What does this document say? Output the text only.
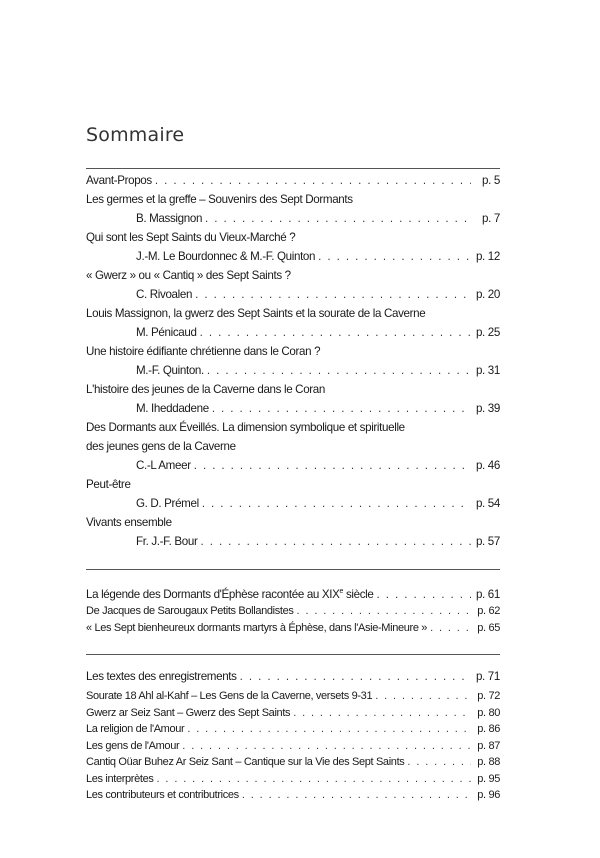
Sommaire
Avant-Propos . . .	p. 5
Les germes et la greffe – Souvenirs des Sept Dormants
B. Massignon . . .	p. 7
Qui sont les Sept Saints du Vieux-Marché ?
J.-M. Le Bourdonnec & M.-F. Quinton . . .	p. 12
« Gwerz » ou « Cantiq » des Sept Saints ?
C. Rivoalen . . .	p. 20
Louis Massignon, la gwerz des Sept Saints et la sourate de la Caverne
M. Pénicaud . . .	p. 25
Une histoire édifiante chrétienne dans le Coran ?
M.-F. Quinton. . . .	p. 31
L'histoire des jeunes de la Caverne dans le Coran
M. Iheddadene . . .	p. 39
Des Dormants aux Éveillés. La dimension symbolique et spirituelle
des jeunes gens de la Caverne
C.-L Ameer . . .	p. 46
Peut-être
G. D. Prémel . . .	p. 54
Vivants ensemble
Fr. J.-F. Bour . . .	p. 57
La légende des Dormants d'Éphèse racontée au XIXe siècle . . .	p. 61
De Jacques de Sarougaux Petits Bollandistes . . .	p. 62
« Les Sept bienheureux dormants martyrs à Éphèse, dans l'Asie-Mineure » . . .	p. 65
Les textes des enregistrements . . .	p. 71
Sourate 18 Ahl al-Kahf – Les Gens de la Caverne, versets 9-31 . . .	p. 72
Gwerz ar Seiz Sant – Gwerz des Sept Saints . . .	p. 80
La religion de l'Amour . . .	p. 86
Les gens de l'Amour . . .	p. 87
Cantiq Oüar Buhez Ar Seiz Sant – Cantique sur la Vie des Sept Saints . . .	p. 88
Les interprètes . . .	p. 95
Les contributeurs et contributrices . . .	p. 96
